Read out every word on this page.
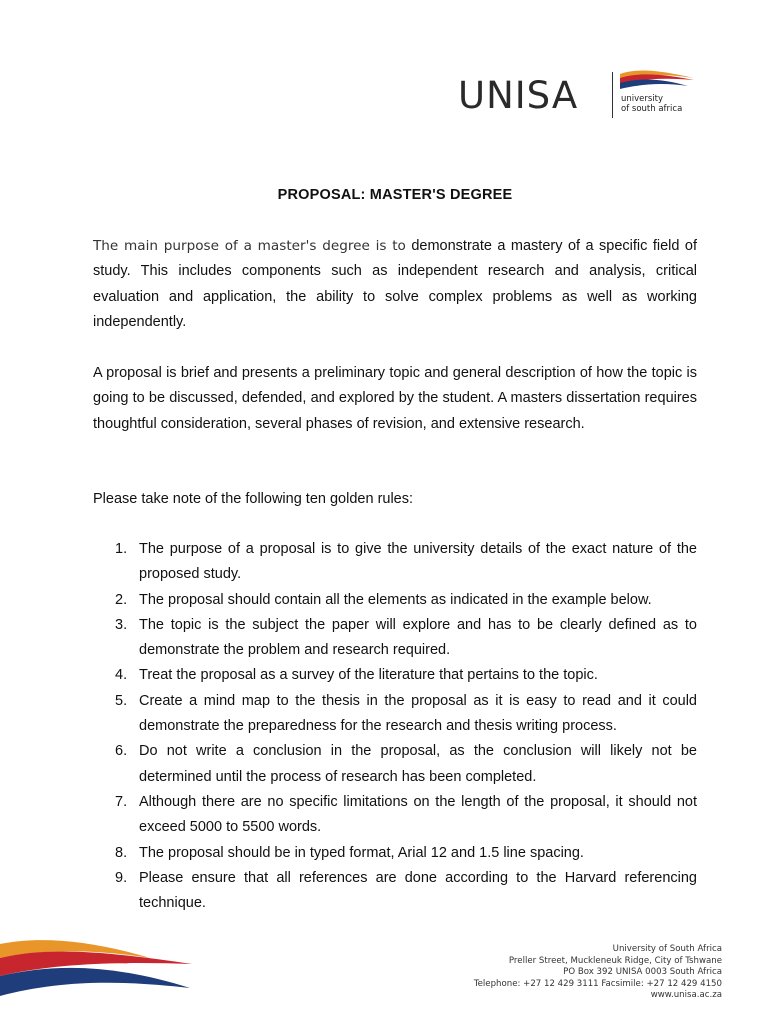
UNISA	university
of south africa
PROPOSAL: MASTER'S DEGREE
The main purpose of a master's degree is to demonstrate a mastery of a specific field of study. This includes components such as independent research and analysis, critical evaluation and application, the ability to solve complex problems as well as working independently.
A proposal is brief and presents a preliminary topic and general description of how the topic is going to be discussed, defended, and explored by the student. A masters dissertation requires thoughtful consideration, several phases of revision, and extensive research.
Please take note of the following ten golden rules:
1. The purpose of a proposal is to give the university details of the exact nature of the proposed study.
2. The proposal should contain all the elements as indicated in the example below.
3. The topic is the subject the paper will explore and has to be clearly defined as to demonstrate the problem and research required.
4. Treat the proposal as a survey of the literature that pertains to the topic.
5. Create a mind map to the thesis in the proposal as it is easy to read and it could demonstrate the preparedness for the research and thesis writing process.
6. Do not write a conclusion in the proposal, as the conclusion will likely not be determined until the process of research has been completed.
7. Although there are no specific limitations on the length of the proposal, it should not exceed 5000 to 5500 words.
8. The proposal should be in typed format, Arial 12 and 1.5 line spacing.
9. Please ensure that all references are done according to the Harvard referencing technique.
University of South Africa
Preller Street, Muckleneuk Ridge, City of Tshwane
PO Box 392 UNISA 0003 South Africa
Telephone: +27 12 429 3111 Facsimile: +27 12 429 4150
www.unisa.ac.za
